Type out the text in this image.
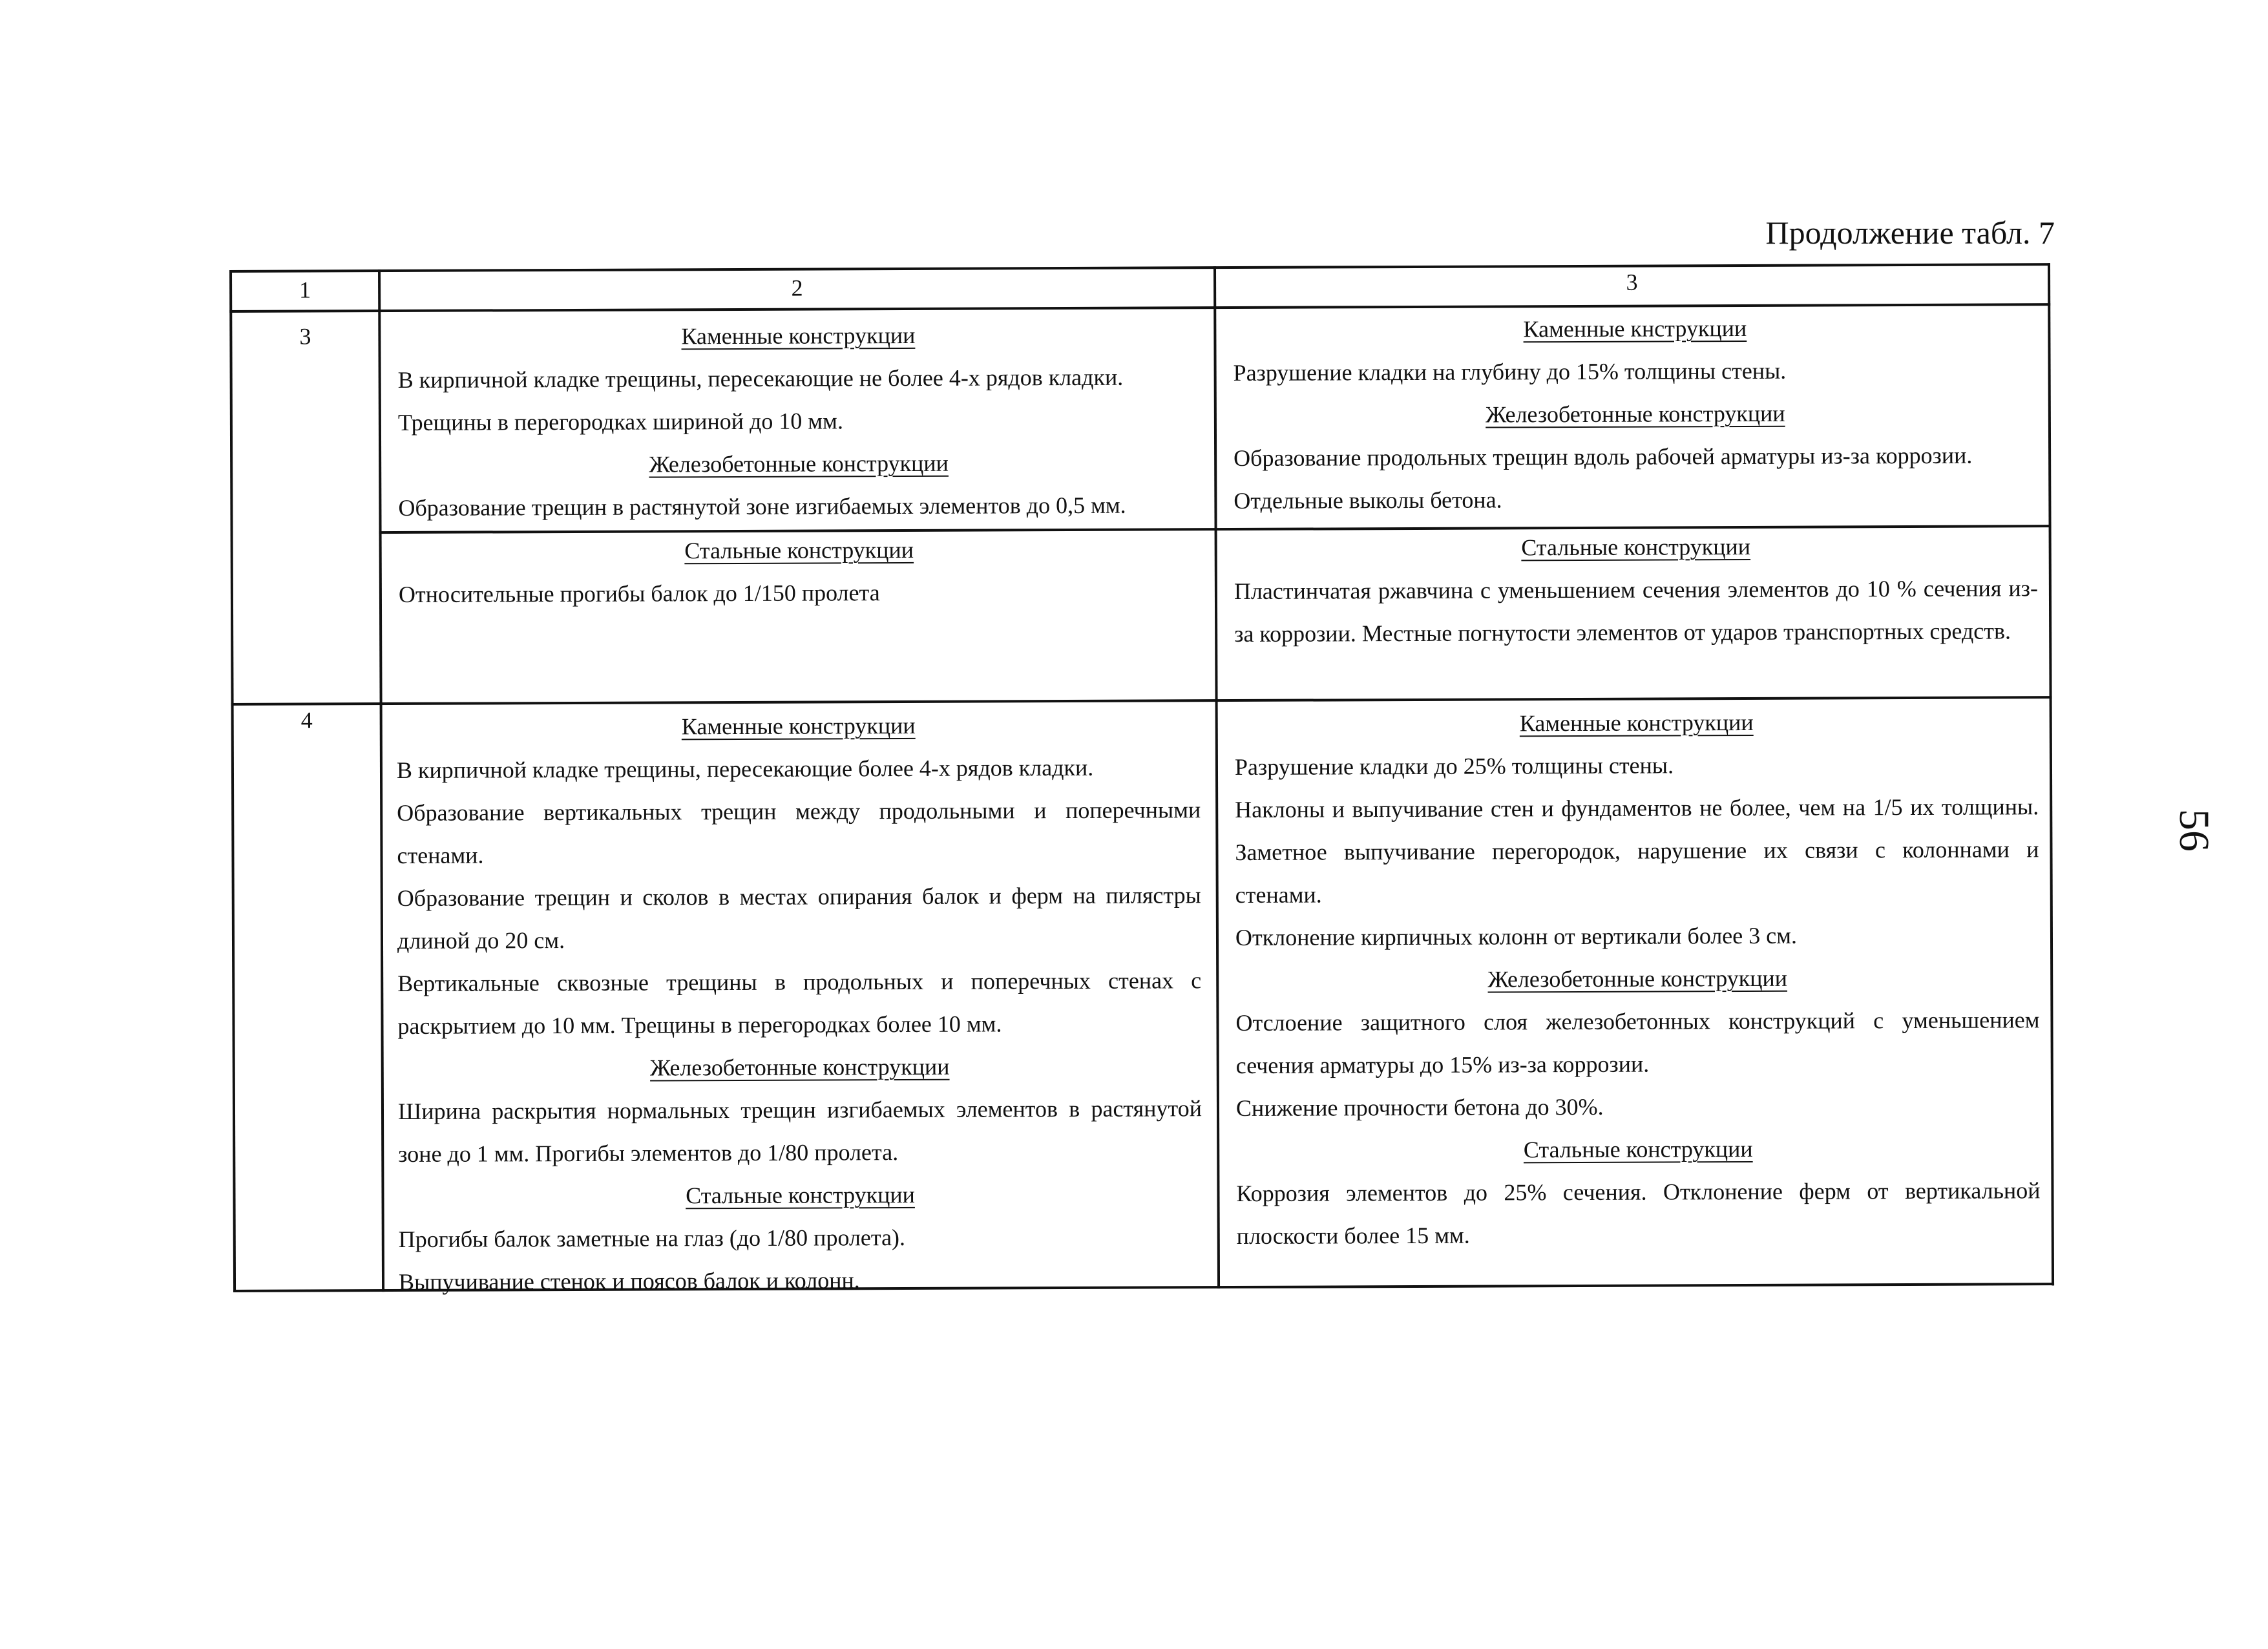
Продолжение табл. 7
56
1	2	3
3
4

Каменные конструкции

В кирпичной кладке трещины, пересекающие не более 4-х рядов кладки.

Трещины в перегородках шириной до 10 мм.

Железобетонные конструкции

Образование трещин в растянутой зоне изгибаемых элементов до 0,5 мм.

Каменные кнструкции

Разрушение кладки на глубину до 15% толщины стены.

Железобетонные конструкции

Образование продольных трещин вдоль рабочей арматуры из-за коррозии.

Отдельные выколы бетона.

Стальные конструкции

Относительные прогибы балок до 1/150 пролета

Стальные конструкции

Пластинчатая ржавчина с уменьшением сечения элементов до 10 % сечения из-за коррозии. Местные погнутости элементов от ударов транспортных средств.

Каменные конструкции

В кирпичной кладке трещины, пересекающие более 4-х рядов кладки.

Образование вертикальных трещин между продольными и поперечными стенами.

Образование трещин и сколов в местах опирания балок и ферм на пилястры длиной до 20 см.

Вертикальные сквозные трещины в продольных и поперечных стенах с раскрытием до 10 мм. Трещины в перегородках более 10 мм.

Железобетонные конструкции

Ширина раскрытия нормальных трещин изгибаемых элементов в растянутой зоне до 1 мм. Прогибы элементов до 1/80 пролета.

Стальные конструкции

Прогибы балок заметные на глаз (до 1/80 пролета).

Выпучивание стенок и поясов балок и колонн.

Каменные конструкции

Разрушение кладки до 25% толщины стены.

Наклоны и выпучивание стен и фундаментов не более, чем на 1/5 их толщины. Заметное выпучивание перегородок, нарушение их связи с колоннами и стенами.

Отклонение кирпичных колонн от вертикали более 3 см.

Железобетонные конструкции

Отслоение защитного слоя железобетонных конструкций с уменьшением сечения арматуры до 15% из-за коррозии.

Снижение прочности бетона до 30%.

Стальные конструкции

Коррозия элементов до 25% сечения. Отклонение ферм от вертикальной плоскости более 15 мм.
